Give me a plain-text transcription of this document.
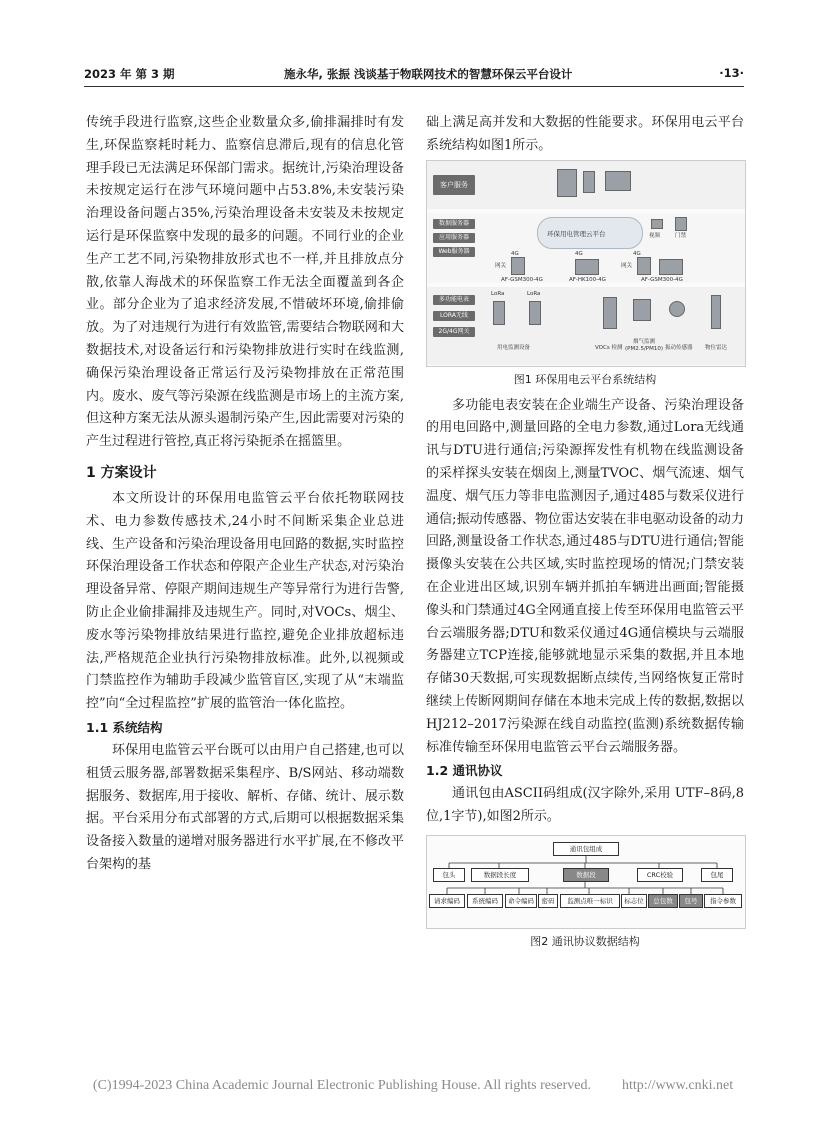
2023 年 第 3 期	施永华, 张振 浅谈基于物联网技术的智慧环保云平台设计	·13·

传统手段进行监察,这些企业数量众多,偷排漏排时有发生,环保监察耗时耗力、监察信息滞后,现有的信息化管理手段已无法满足环保部门需求。据统计,污染治理设备未按规定运行在涉气环境问题中占53.8%,未安装污染治理设备问题占35%,污染治理设备未安装及未按规定运行是环保监察中发现的最多的问题。不同行业的企业生产工艺不同,污染物排放形式也不一样,并且排放点分散,依靠人海战术的环保监察工作无法全面覆盖到各企业。部分企业为了追求经济发展,不惜破坏环境,偷排偷放。为了对违规行为进行有效监管,需要结合物联网和大数据技术,对设备运行和污染物排放进行实时在线监测,确保污染治理设备正常运行及污染物排放在正常范围内。废水、废气等污染源在线监测是市场上的主流方案,但这种方案无法从源头遏制污染产生,因此需要对污染的产生过程进行管控,真正将污染扼杀在摇篮里。

1 方案设计

本文所设计的环保用电监管云平台依托物联网技术、电力参数传感技术,24小时不间断采集企业总进线、生产设备和污染治理设备用电回路的数据,实时监控环保治理设备工作状态和停限产企业生产状态,对污染治理设备异常、停限产期间违规生产等异常行为进行告警,防止企业偷排漏排及违规生产。同时,对VOCs、烟尘、废水等污染物排放结果进行监控,避免企业排放超标违法,严格规范企业执行污染物排放标准。此外,以视频或门禁监控作为辅助手段减少监管盲区,实现了从“末端监控”向“全过程监控”扩展的监管治一体化监控。

1.1 系统结构

环保用电监管云平台既可以由用户自己搭建,也可以租赁云服务器,部署数据采集程序、B/S网站、移动端数据服务、数据库,用于接收、解析、存储、统计、展示数据。平台采用分布式部署的方式,后期可以根据数据采集设备接入数量的递增对服务器进行水平扩展,在不修改平台架构的基

础上满足高并发和大数据的性能要求。环保用电云平台系统结构如图1所示。

客户服务
数据服务器
应用服务器
Web服务器
环保用电管理云平台	视频	门禁
4G	4G	4G
网关	网关
AF-GSM300-4G	AF-HK100-4G	AF-GSM300-4G
多功能电表
LORA无线
2G/4G网关
LoRa	LoRa
用电监测设备	VOCs 检测
烟气监测
(PM2.5/PM10) 振动传感器 物位雷达
图1 环保用电云平台系统结构

多功能电表安装在企业端生产设备、污染治理设备的用电回路中,测量回路的全电力参数,通过Lora无线通讯与DTU进行通信;污染源挥发性有机物在线监测设备的采样探头安装在烟囱上,测量TVOC、烟气流速、烟气温度、烟气压力等非电监测因子,通过485与数采仪进行通信;振动传感器、物位雷达安装在非电驱动设备的动力回路,测量设备工作状态,通过485与DTU进行通信;智能摄像头安装在公共区域,实时监控现场的情况;门禁安装在企业进出区域,识别车辆并抓拍车辆进出画面;智能摄像头和门禁通过4G全网通直接上传至环保用电监管云平台云端服务器;DTU和数采仪通过4G通信模块与云端服务器建立TCP连接,能够就地显示采集的数据,并且本地存储30天数据,可实现数据断点续传,当网络恢复正常时继续上传断网期间存储在本地未完成上传的数据,数据以HJ212–2017污染源在线自动监控(监测)系统数据传输标准传输至环保用电监管云平台云端服务器。

1.2 通讯协议

通讯包由ASCII码组成(汉字除外,采用 UTF–8码,8位,1字节),如图2所示。

通讯包组成
包头	数据段长度	数据段	CRC校验	包尾
请求编码	系统编码	命令编码	密码	监测点唯一标识	标志位	总包数	包号	指令参数
图2 通讯协议数据结构
(C)1994-2023 China Academic Journal Electronic Publishing House. All rights reserved. http://www.cnki.net
